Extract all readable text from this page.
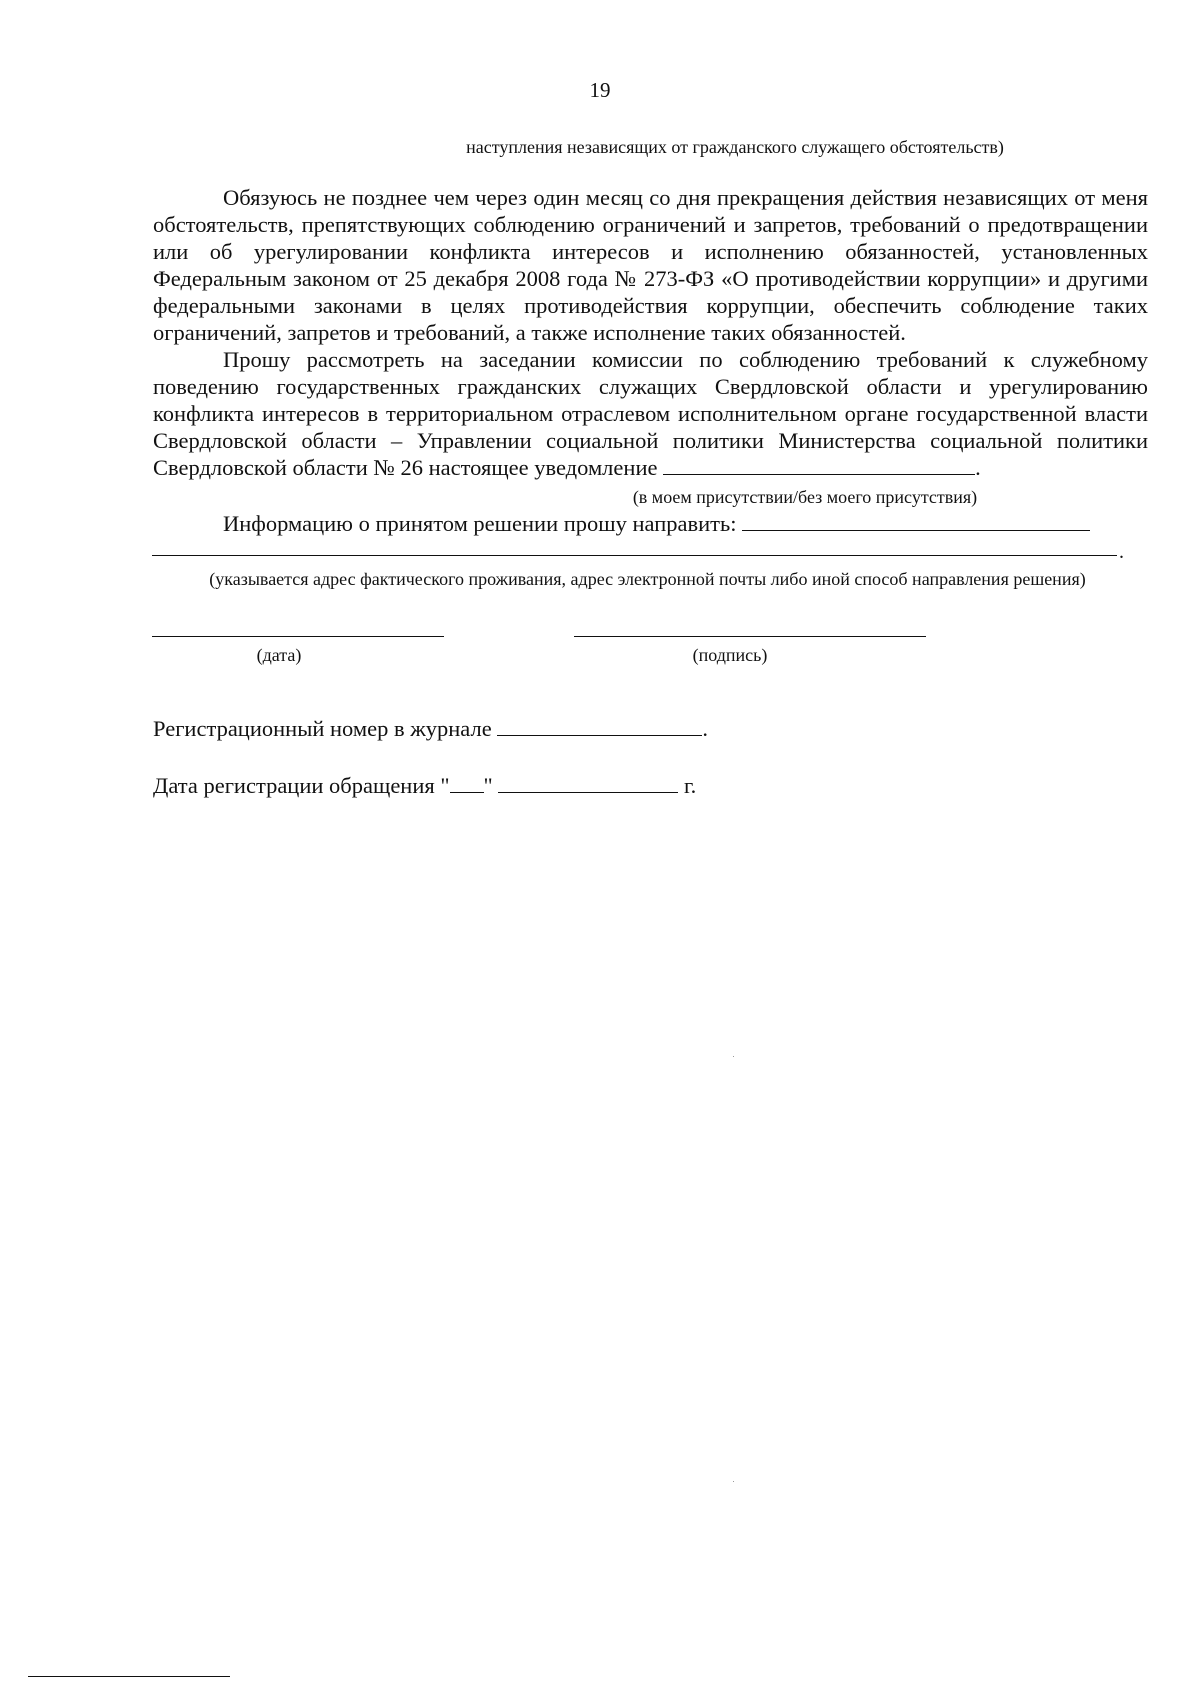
19
наступления независящих от гражданского служащего обстоятельств)

Обязуюсь не позднее чем через один месяц со дня прекращения действия независящих от меня обстоятельств, препятствующих соблюдению ограничений и запретов, требований о предотвращении или об урегулировании конфликта интересов и исполнению обязанностей, установленных Федеральным законом от 25 декабря 2008 года № 273-ФЗ «О противодействии коррупции» и другими федеральными законами в целях противодействия коррупции, обеспечить соблюдение таких ограничений, запретов и требований, а также исполнение таких обязанностей.

Прошу рассмотреть на заседании комиссии по соблюдению требований к служебному поведению государственных гражданских служащих Свердловской области и урегулированию конфликта интересов в территориальном отраслевом исполнительном органе государственной власти Свердловской области – Управлении социальной политики Министерства социальной политики Свердловской области № 26 настоящее уведомление	.

(в моем присутствии/без моего присутствия)
Информацию о принятом решении прошу направить:
.
(указывается адрес фактического проживания, адрес электронной почты либо иной способ направления решения)
(дата)	(подпись)
Регистрационный номер в журнале	.
Дата регистрации обращения " "	г.
